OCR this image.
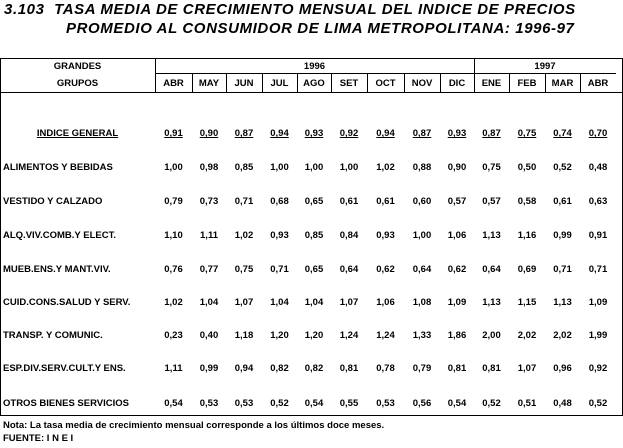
3.103 TASA MEDIA DE CRECIMIENTO MENSUAL DEL INDICE DE PRECIOS
PROMEDIO AL CONSUMIDOR DE LIMA METROPOLITANA: 1996-97
GRANDES
GRUPOS
1996	1997
ABR	MAY	JUN	JUL	AGO	SET	OCT	NOV	DIC	ENE	FEB	MAR	ABR
INDICE GENERAL	0,91	0,90	0,87	0,94	0,93	0,92	0,94	0,87	0,93	0,87	0,75	0,74	0,70
ALIMENTOS Y BEBIDAS	1,00	0,98	0,85	1,00	1,00	1,00	1,02	0,88	0,90	0,75	0,50	0,52	0,48
VESTIDO Y CALZADO	0,79	0,73	0,71	0,68	0,65	0,61	0,61	0,60	0,57	0,57	0,58	0,61	0,63
ALQ.VIV.COMB.Y ELECT.	1,10	1,11	1,02	0,93	0,85	0,84	0,93	1,00	1,06	1,13	1,16	0,99	0,91
MUEB.ENS.Y MANT.VIV.	0,76	0,77	0,75	0,71	0,65	0,64	0,62	0,64	0,62	0,64	0,69	0,71	0,71
CUID.CONS.SALUD Y SERV.	1,02	1,04	1,07	1,04	1,04	1,07	1,06	1,08	1,09	1,13	1,15	1,13	1,09
TRANSP. Y COMUNIC.	0,23	0,40	1,18	1,20	1,20	1,24	1,24	1,33	1,86	2,00	2,02	2,02	1,99
ESP.DIV.SERV.CULT.Y ENS.	1,11	0,99	0,94	0,82	0,82	0,81	0,78	0,79	0,81	0,81	1,07	0,96	0,92
OTROS BIENES SERVICIOS	0,54	0,53	0,53	0,52	0,54	0,55	0,53	0,56	0,54	0,52	0,51	0,48	0,52
Nota: La tasa media de crecimiento mensual corresponde a los últimos doce meses.
FUENTE: I N E I
